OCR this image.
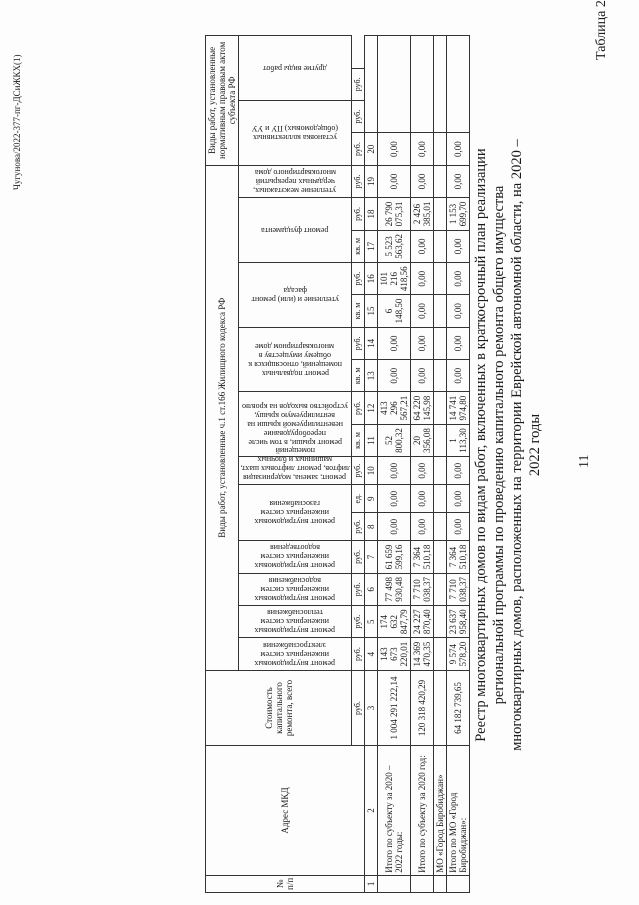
Таблица 2
11
Реестр многоквартирных домов по видам работ, включенных в краткосрочный план реализации региональной программы по проведению капитального ремонта общего имущества многоквартирных домов, расположенных на территории Еврейской автономной области, на 2020 – 2022 годы
№ п/п	Адрес МКД	Стоимость капитального ремонта, всего	Виды работ, установленные ч.1 ст.166 Жилищного кодекса РФ																Виды работ, установленные нормативным правовым актом субъекта РФ		

			ремонт внутридомовых инженерных систем электроснабжения	ремонт внутридомовых инженерных систем теплоснабжения	ремонт внутридомовых инженерных систем водоснабжения	ремонт внутридомовых инженерных систем водоотведения	ремонт внутридомовых инженерных систем газоснабжения		ремонт, замена, модернизация лифтов, ремонт лифтовых шахт, машинных и блочных помещений	ремонт крыши, в том числе переоборудование невентилируемой крыши на вентилируемую крышу, устройство выходов на кровлю		ремонт подвальных помещений, относящихся к общему имуществу в многоквартирном доме		утепление и (или) ремонт фасада		ремонт фундамента		утепление межэтажных, чердачных перекрытий многоквартирного дома	установка коллективных (общедомовых) ПУ и УУ		другие виды работ

		руб.	руб.	руб.	руб.	руб.	руб.	ед.	руб.	кв. м	руб.	кв. м	руб.	кв. м	руб.	кв. м	руб.	руб.	руб.	руб.	руб.
1	2	3	4	5	6	7	8	9	10	11	12	13	14	15	16	17	18	19	20		
	Итого по субъекту за 2020 – 2022 годы:	1 004 291 222,14	143 673 220,01	174 632 847,79	77 498 930,48	61 659 599,16	0,00	0,00	0,00	52 800,32	413 296 567,21	0,00	0,00	6 148,50	101 216 418,56	5 523 563,62	26 790 075,31	0,00	0,00		
	Итого по субъекту за 2020 год:	120 318 420,29	14 369 470,35	24 227 870,40	7 710 038,37	7 364 510,18	0,00	0,00	0,00	20 356,08	64 220 145,98	0,00	0,00	0,00	0,00	0,00	2 426 385,01	0,00	0,00		
	МО «Город Биробиджан»																				
	Итого по МО «Город Биробиджан»:	64 182 739,65	9 574 578,20	23 637 958,40	7 710 038,37	7 364 510,18	0,00	0,00	0,00	1 113,30	14 741 974,80	0,00	0,00	0,00	0,00	0,00	1 153 699,70	0,00	0,00		
Чугунова/2022-377-пг-ДСиЖКХ(1)
